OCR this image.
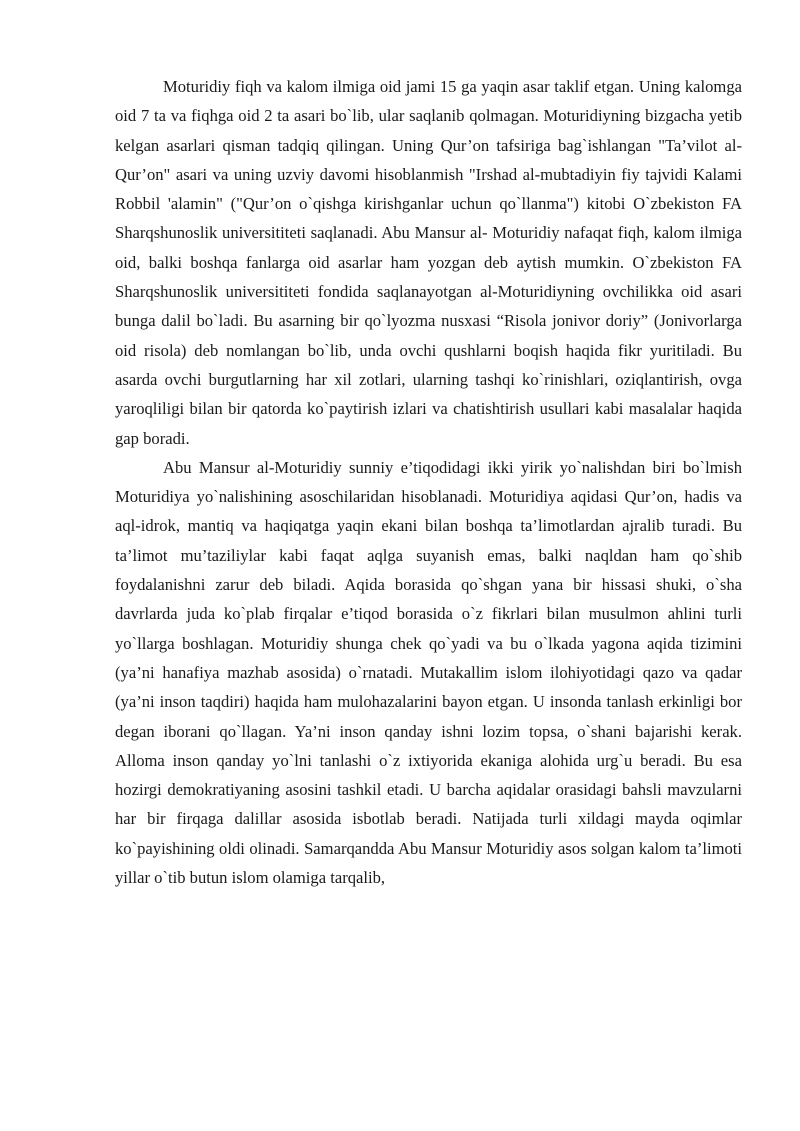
Moturidiy fiqh va kalom ilmiga oid jami 15 ga yaqin asar taklif etgan. Uning kalomga oid 7 ta va fiqhga oid 2 ta asari bo`lib, ular saqlanib qolmagan. Moturidiyning bizgacha yetib kelgan asarlari qisman tadqiq qilingan. Uning Qur’on tafsiriga bag`ishlangan "Ta’vilot al-Qur’on" asari va uning uzviy davomi hisoblanmish "Irshad al-mubtadiyin fiy tajvidi Kalami Robbil 'alamin" ("Qur’on o`qishga kirishganlar uchun qo`llanma") kitobi O`zbekiston FA Sharqshunoslik universititeti saqlanadi. Abu Mansur al- Moturidiy nafaqat fiqh, kalom ilmiga oid, balki boshqa fanlarga oid asarlar ham yozgan deb aytish mumkin. O`zbekiston FA Sharqshunoslik universititeti fondida saqlanayotgan al-Moturidiyning ovchilikka oid asari bunga dalil bo`ladi. Bu asarning bir qo`lyozma nusxasi “Risola jonivor doriy” (Jonivorlarga oid risola) deb nomlangan bo`lib, unda ovchi qushlarni boqish haqida fikr yuritiladi. Bu asarda ovchi burgutlarning har xil zotlari, ularning tashqi ko`rinishlari, oziqlantirish, ovga yaroqliligi bilan bir qatorda ko`paytirish izlari va chatishtirish usullari kabi masalalar haqida gap boradi.

Abu Mansur al-Moturidiy sunniy e’tiqodidagi ikki yirik yo`nalishdan biri bo`lmish Moturidiya yo`nalishining asoschilaridan hisoblanadi. Moturidiya aqidasi Qur’on, hadis va aql-idrok, mantiq va haqiqatga yaqin ekani bilan boshqa ta’limotlardan ajralib turadi. Bu ta’limot mu’taziliylar kabi faqat aqlga suyanish emas, balki naqldan ham qo`shib foydalanishni zarur deb biladi. Aqida borasida qo`shgan yana bir hissasi shuki, o`sha davrlarda juda ko`plab firqalar e’tiqod borasida o`z fikrlari bilan musulmon ahlini turli yo`llarga boshlagan. Moturidiy shunga chek qo`yadi va bu o`lkada yagona aqida tizimini (ya’ni hanafiya mazhab asosida) o`rnatadi. Mutakallim islom ilohiyotidagi qazo va qadar (ya’ni inson taqdiri) haqida ham mulohazalarini bayon etgan. U insonda tanlash erkinligi bor degan iborani qo`llagan. Ya’ni inson qanday ishni lozim topsa, o`shani bajarishi kerak. Alloma inson qanday yo`lni tanlashi o`z ixtiyorida ekaniga alohida urg`u beradi. Bu esa hozirgi demokratiyaning asosini tashkil etadi. U barcha aqidalar orasidagi bahsli mavzularni har bir firqaga dalillar asosida isbotlab beradi. Natijada turli xildagi mayda oqimlar ko`payishining oldi olinadi. Samarqandda Abu Mansur Moturidiy asos solgan kalom ta’limoti yillar o`tib butun islom olamiga tarqalib,
